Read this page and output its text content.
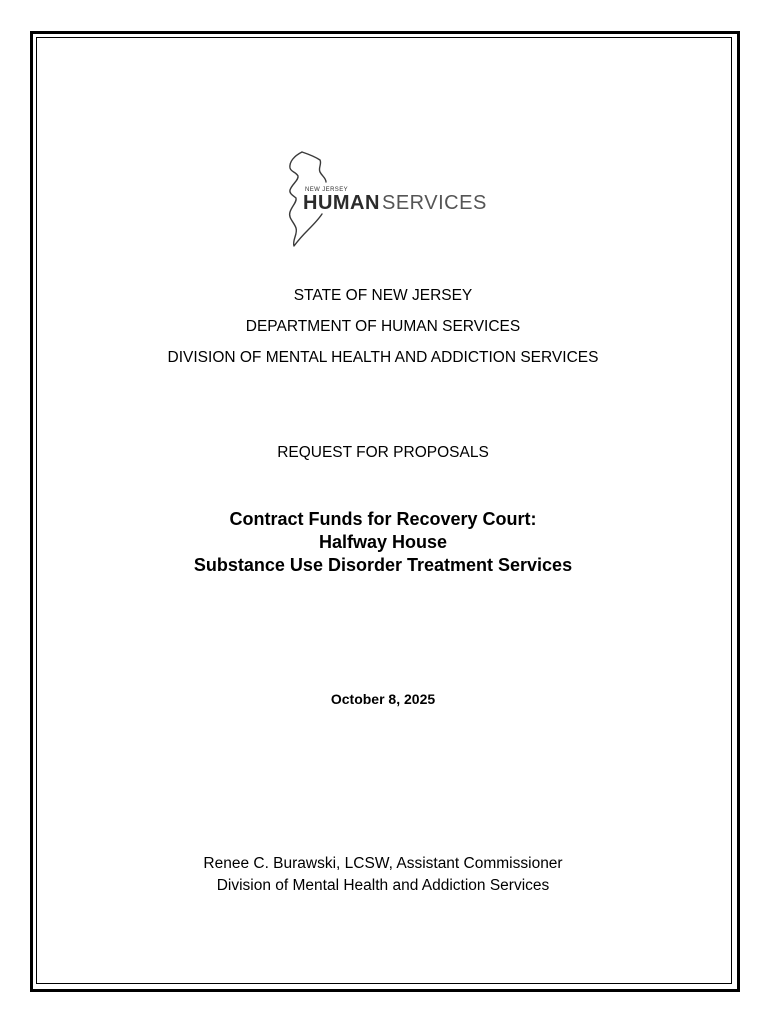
NEW JERSEY
HUMAN SERVICES
STATE OF NEW JERSEY
DEPARTMENT OF HUMAN SERVICES
DIVISION OF MENTAL HEALTH AND ADDICTION SERVICES
REQUEST FOR PROPOSALS
Contract Funds for Recovery Court:
Halfway House
Substance Use Disorder Treatment Services
October 8, 2025
Renee C. Burawski, LCSW, Assistant Commissioner
Division of Mental Health and Addiction Services
